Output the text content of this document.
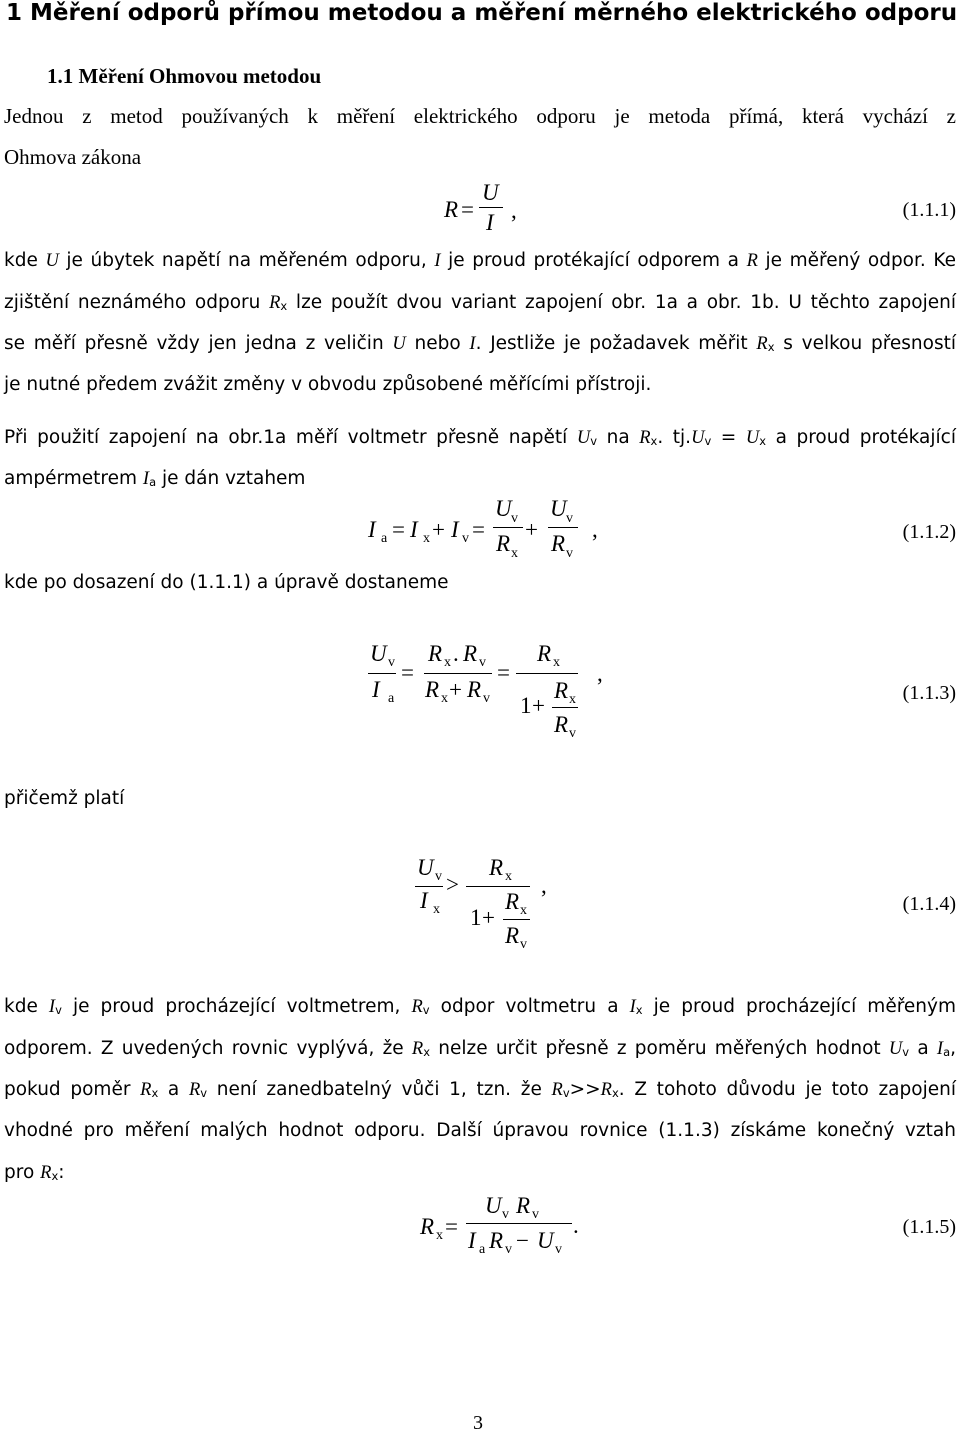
1 Měření odporů přímou metodou a měření měrného elektrického odporu
1.1 Měření Ohmovou metodou
Jednou z metod používaných k měření elektrického odporu je metoda přímá, která vychází z
Ohmova zákona
R =
U
I ,	(1.1.1)
kde U je úbytek napětí na měřeném odporu, I je proud protékající odporem a R je měřený odpor. Ke
zjištění neznámého odporu $R_x$ lze použít dvou variant zapojení obr. 1a a obr. 1b. U těchto zapojení
se měří přesně vždy jen jedna z veličin U nebo I. Jestliže je požadavek měřit $R_x$ s velkou přesností
je nutné předem zvážit změny v obvodu způsobené měřícími přístroji.
Při použití zapojení na obr.1a měří voltmetr přesně napětí $U_v$ na $R_x$. $tj.U_v = U_x$ a proud protékající
ampérmetrem $I_a$ je dán vztahem
I a = I x + I v =
U v
R x
+
U v
R v
,	(1.1.2)
kde po dosazení do (1.1.1) a úpravě dostaneme
U v
I a
=
R x . R v
R x + R v
=
R x
1 +
R x
R v
,
(1.1.3)
přičemž platí
U v
I x
>
R x
1 +
R x
R v
,
(1.1.4)
kde $I_v$ je proud procházející voltmetrem, $R_v$ odpor voltmetru a $I_x$ je proud procházející měřeným
odporem. Z uvedených rovnic vyplývá, že $R_x$ nelze určit přesně z poměru měřených hodnot $U_v$ a $I_a$,
pokud poměr $R_x$ a $R_v$ není zanedbatelný vůči 1, tzn. že $R_v>>R_x$. Z tohoto důvodu je toto zapojení
vhodné pro měření malých hodnot odporu. Další úpravou rovnice (1.1.3) získáme konečný vztah
pro $R_x$:
R x =
U v R v
I a R v − U v
.	(1.1.5)
3
